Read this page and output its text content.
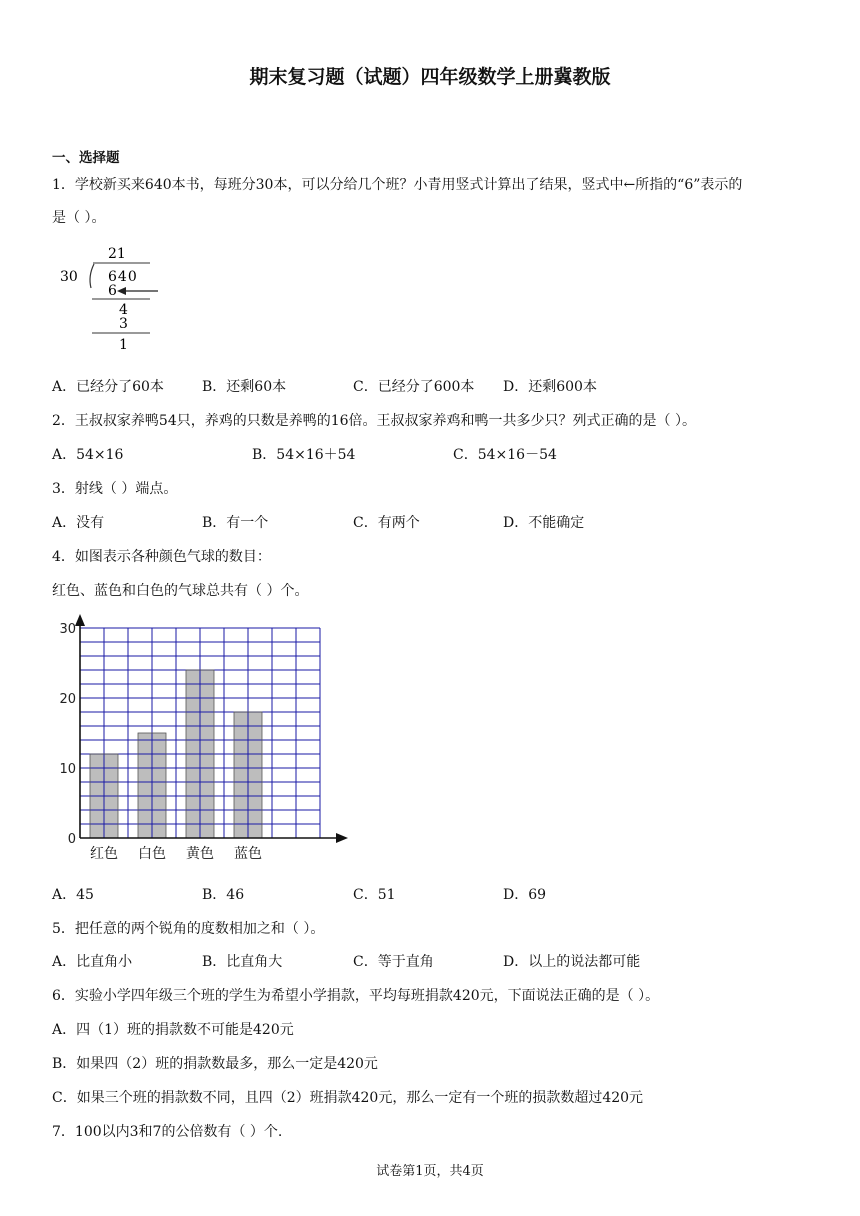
期末复习题（试题）四年级数学上册冀教版
一、选择题
1．学校新买来640本书，每班分30本，可以分给几个班？小青用竖式计算出了结果，竖式中←所指的“6”表示的
是（ ）。
21
30 640
6
4
3
1
A．已经分了60本	B．还剩60本	C．已经分了600本 D．还剩600本
2．王叔叔家养鸭54只，养鸡的只数是养鸭的16倍。王叔叔家养鸡和鸭一共多少只？列式正确的是（ ）。
A．54×16	B．54×16＋54	C．54×16－54
3．射线（ ）端点。
A．没有	B．有一个	C．有两个	D．不能确定
4．如图表示各种颜色气球的数目：
红色、蓝色和白色的气球总共有（ ）个。
0
10
20
30
红色 白色 黄色 蓝色
A．45	B．46	C．51	D．69
5．把任意的两个锐角的度数相加之和（ ）。
A．比直角小	B．比直角大	C．等于直角	D．以上的说法都可能
6．实验小学四年级三个班的学生为希望小学捐款，平均每班捐款420元，下面说法正确的是（ ）。
A．四（1）班的捐款数不可能是420元
B．如果四（2）班的捐款数最多，那么一定是420元
C．如果三个班的捐款数不同，且四（2）班捐款420元，那么一定有一个班的损款数超过420元
7．100以内3和7的公倍数有（ ）个.
试卷第1页，共4页
